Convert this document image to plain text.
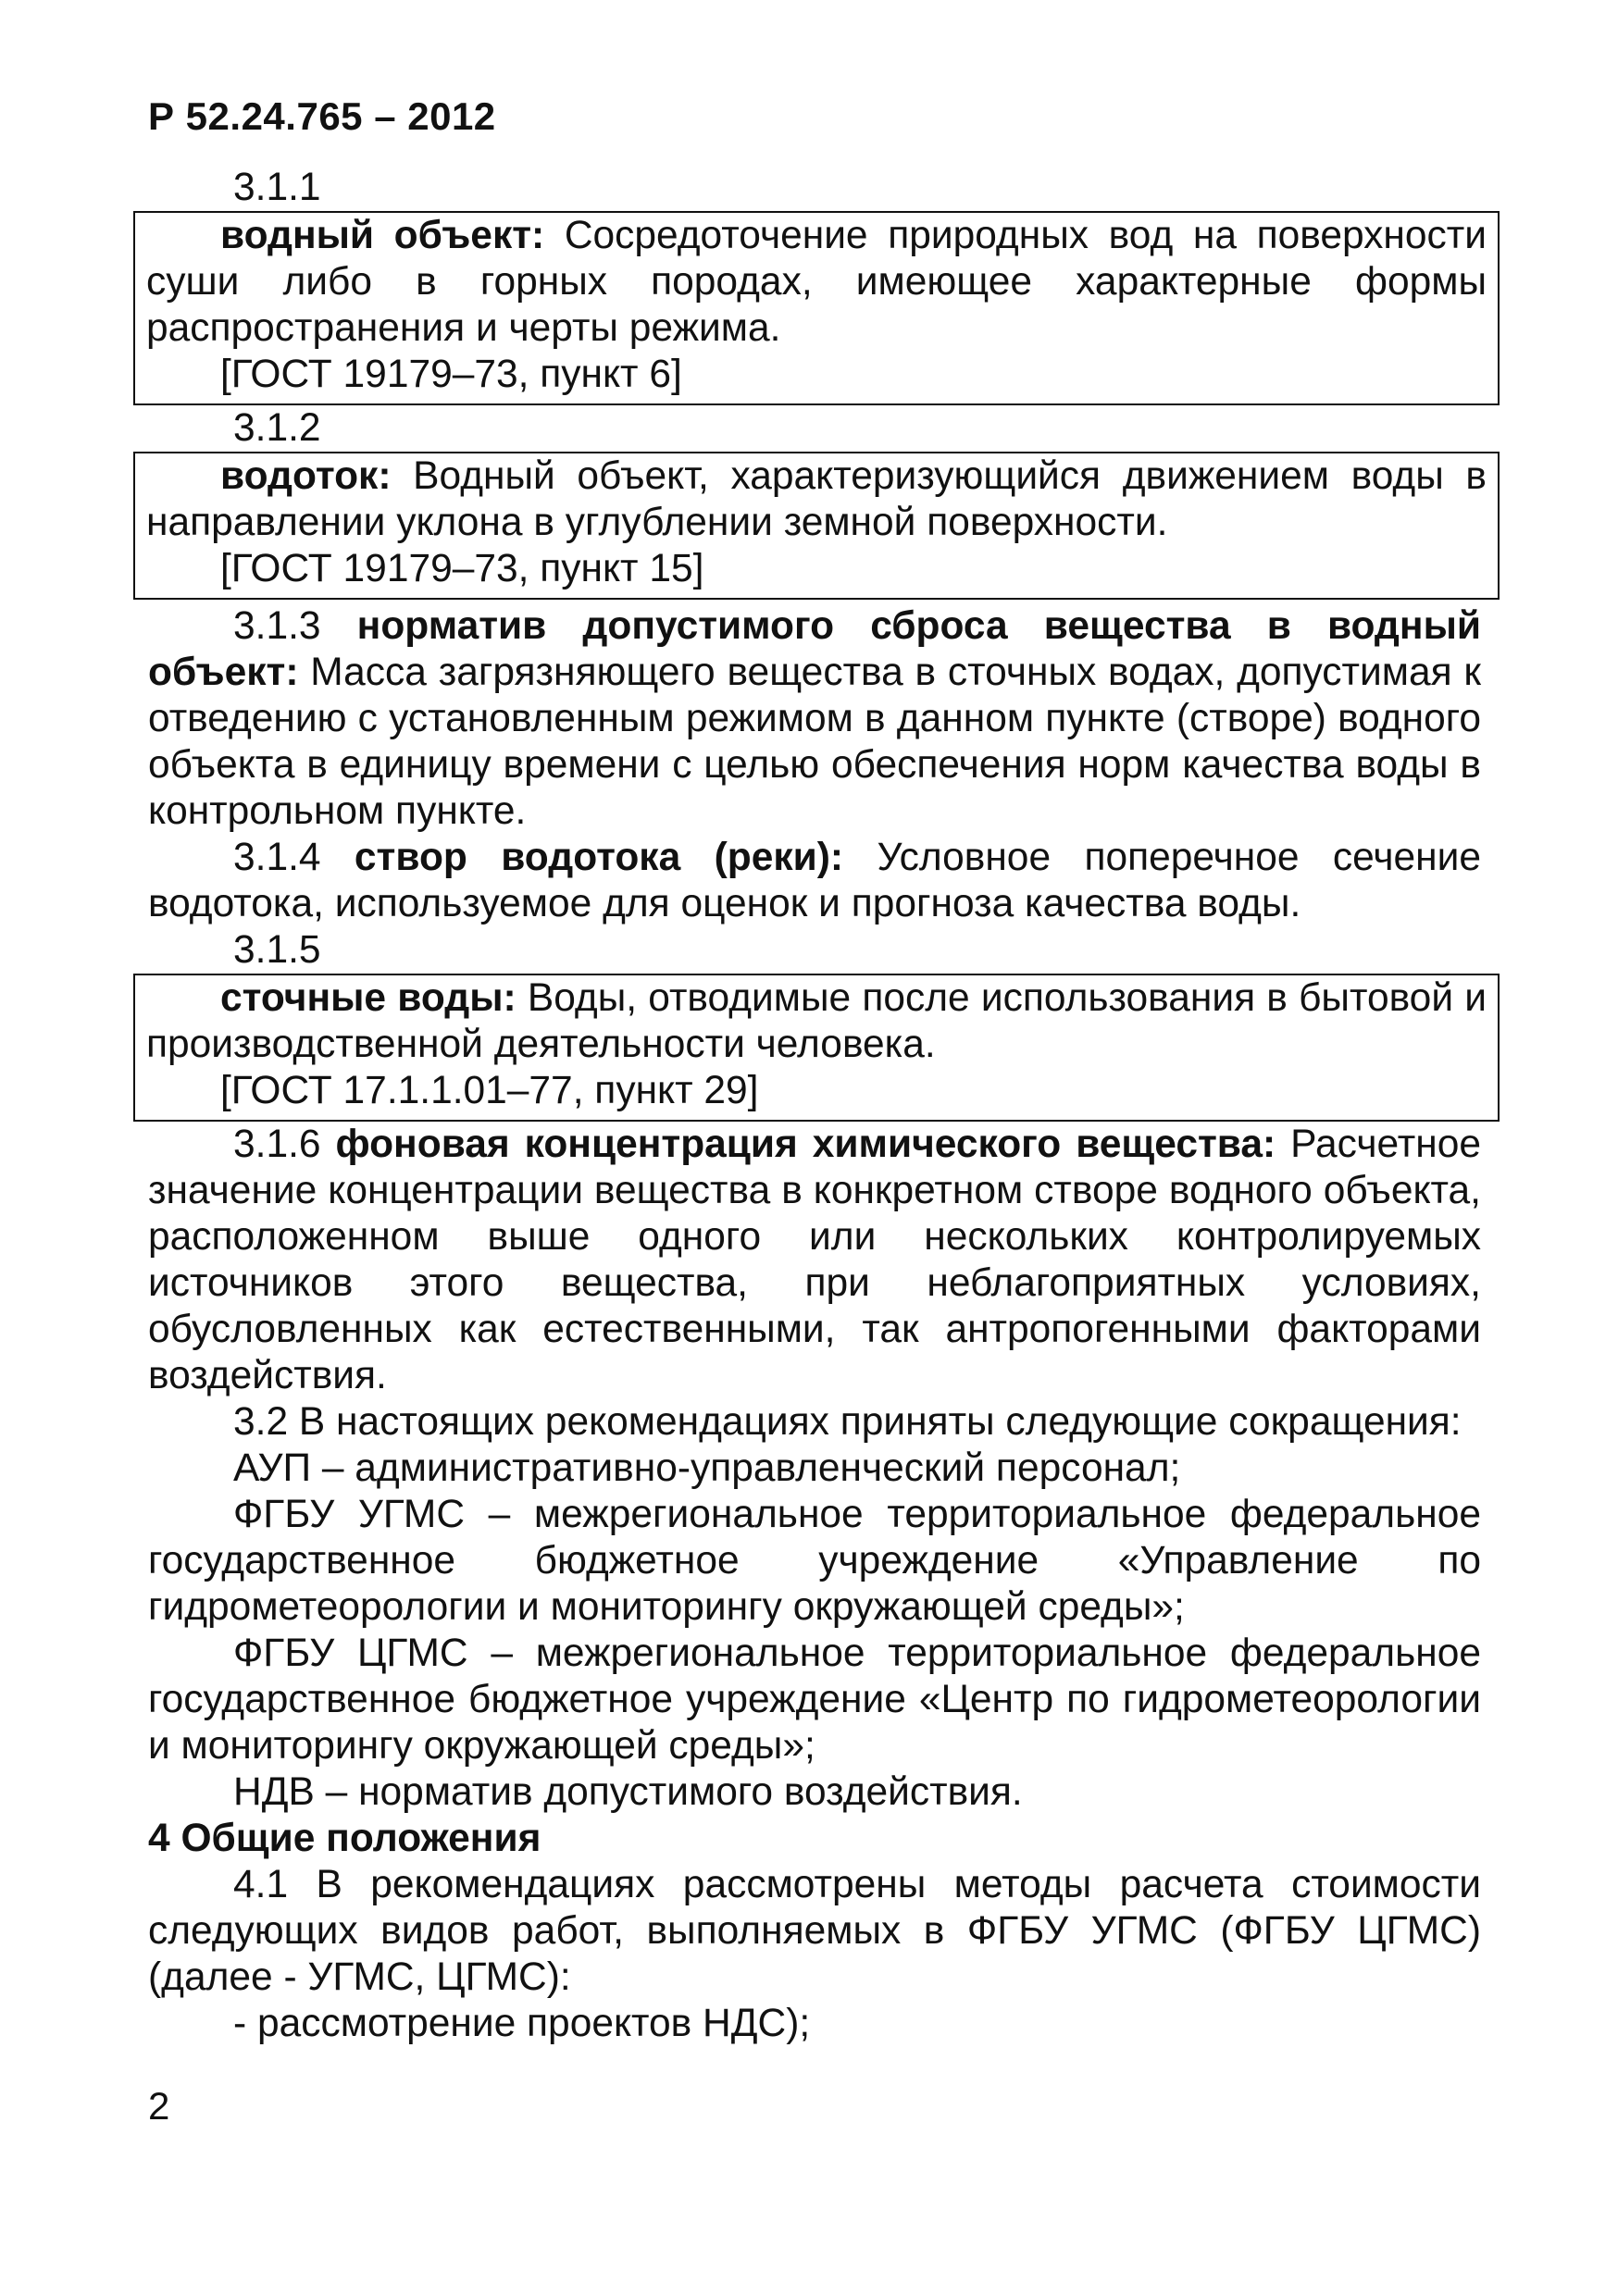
Р 52.24.765 – 2012

3.1.1

водный объект: Сосредоточение природных вод на поверхности суши либо в горных породах, имеющее характерные формы распространения и черты режима.

[ГОСТ 19179–73, пункт 6]

3.1.2

водоток: Водный объект, характеризующийся движением воды в направлении уклона в углублении земной поверхности.

[ГОСТ 19179–73, пункт 15]

3.1.3 норматив допустимого сброса вещества в водный объект: Масса загрязняющего вещества в сточных водах, допустимая к отведению с установленным режимом в данном пункте (створе) водного объекта в единицу времени с целью обеспечения норм качества воды в контрольном пункте.

3.1.4 створ водотока (реки): Условное поперечное сечение водотока, используемое для оценок и прогноза качества воды.

3.1.5

сточные воды: Воды, отводимые после использования в бытовой и производственной деятельности человека.

[ГОСТ 17.1.1.01–77, пункт 29]

3.1.6 фоновая концентрация химического вещества: Расчетное значение концентрации вещества в конкретном створе водного объекта, расположенном выше одного или нескольких контролируемых источников этого вещества, при неблагоприятных условиях, обусловленных как естественными, так антропогенными факторами воздействия.

3.2 В настоящих рекомендациях приняты следующие сокращения:

АУП – административно-управленческий персонал;

ФГБУ УГМС – межрегиональное территориальное федеральное государственное бюджетное учреждение «Управление по гидрометеорологии и мониторингу окружающей среды»;

ФГБУ ЦГМС – межрегиональное территориальное федеральное государственное бюджетное учреждение «Центр по гидрометеорологии и мониторингу окружающей среды»;

НДВ – норматив допустимого воздействия.

4 Общие положения

4.1 В рекомендациях рассмотрены методы расчета стоимости следующих видов работ, выполняемых в ФГБУ УГМС (ФГБУ ЦГМС) (далее - УГМС, ЦГМС):

- рассмотрение проектов НДС);

2
